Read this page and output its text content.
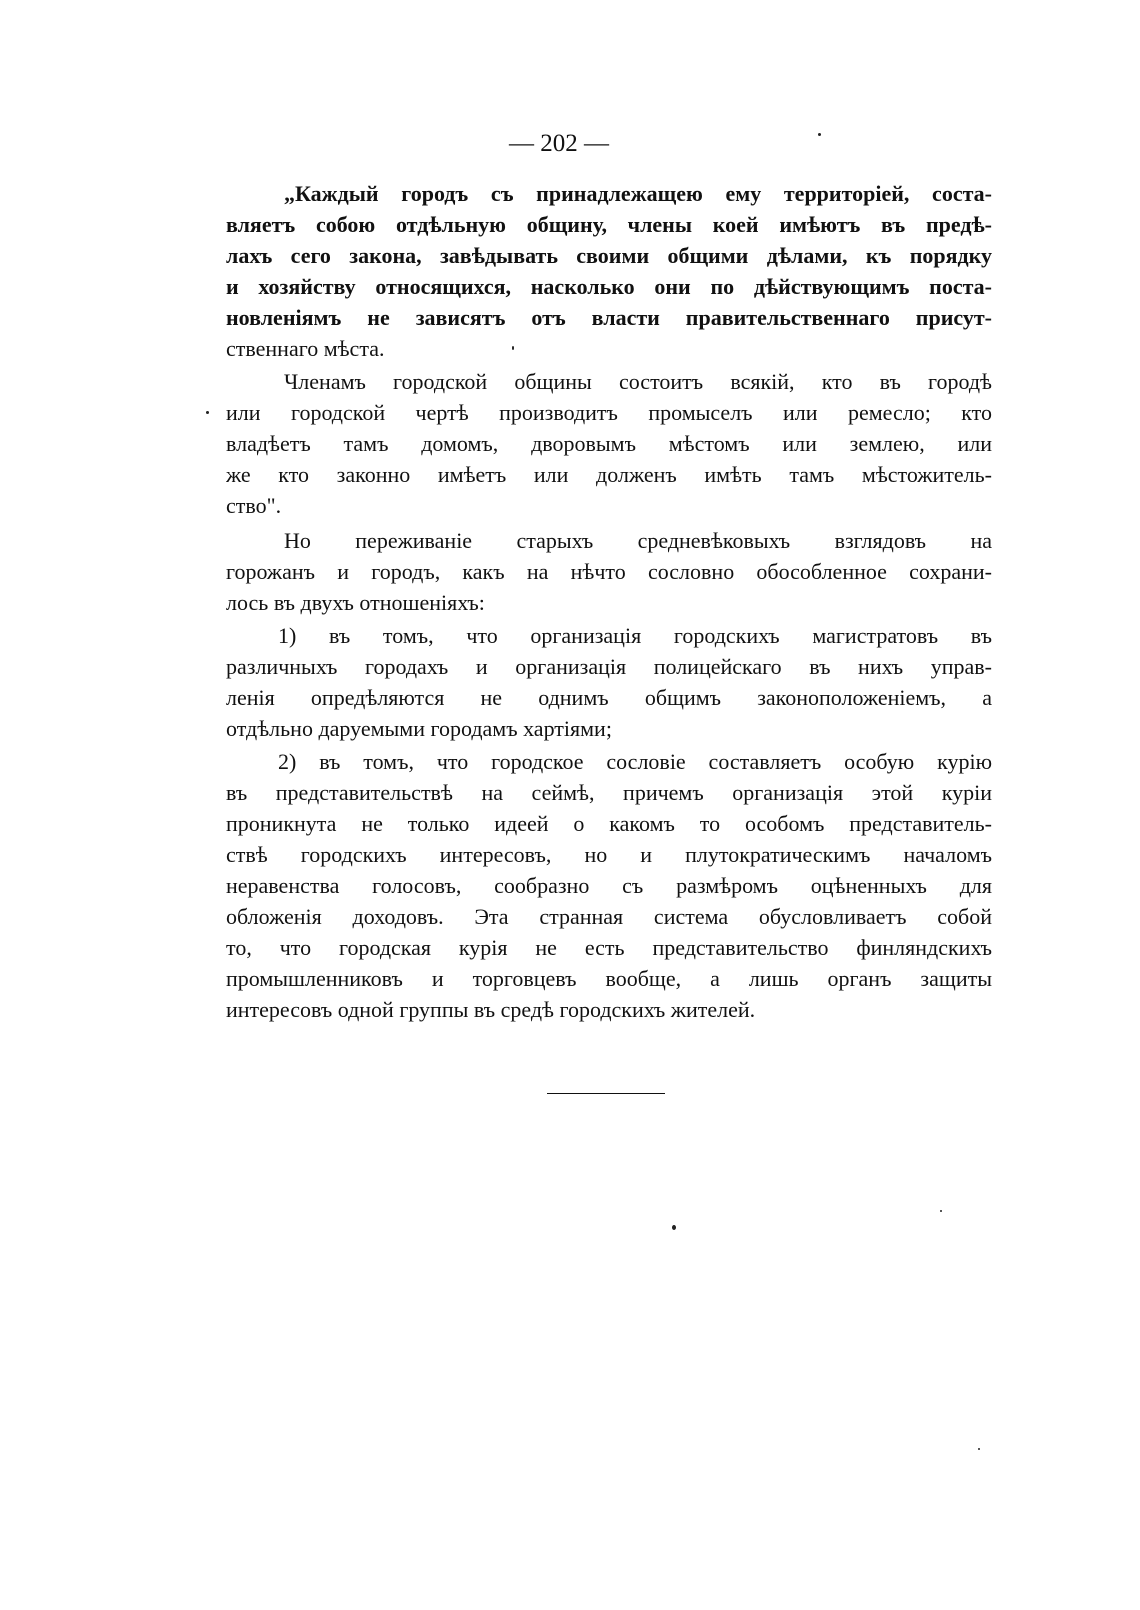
— 202 —
„Каждый городъ съ принадлежащею ему территоріей, соста-
вляетъ собою отдѣльную общину, члены коей имѣютъ въ предѣ-
лахъ сего закона, завѣдывать своими общими дѣлами, къ порядку
и хозяйству относящихся, насколько они по дѣйствующимъ поста-
новленіямъ не зависятъ отъ власти правительственнаго присут-
ственнаго мѣста.
Членамъ городской общины состоитъ всякій, кто въ городѣ
или городской чертѣ производитъ промыселъ или ремесло; кто
владѣетъ тамъ домомъ, дворовымъ мѣстомъ или землею, или
же кто законно имѣетъ или долженъ имѣть тамъ мѣстожитель-
ство".
Но переживаніе старыхъ средневѣковыхъ взглядовъ на
горожанъ и городъ, какъ на нѣчто сословно обособленное сохрани-
лось въ двухъ отношеніяхъ:
1) въ томъ, что организація городскихъ магистратовъ въ
различныхъ городахъ и организація полицейскаго въ нихъ управ-
ленія опредѣляются не однимъ общимъ законоположеніемъ, а
отдѣльно даруемыми городамъ хартіями;
2) въ томъ, что городское сословіе составляетъ особую курію
въ представительствѣ на сеймѣ, причемъ организація этой куріи
проникнута не только идеей о какомъ то особомъ представитель-
ствѣ городскихъ интересовъ, но и плутократическимъ началомъ
неравенства голосовъ, сообразно съ размѣромъ оцѣненныхъ для
обложенія доходовъ. Эта странная система обусловливаетъ собой
то, что городская курія не есть представительство финляндскихъ
промышленниковъ и торговцевъ вообще, а лишь органъ защиты
интересовъ одной группы въ средѣ городскихъ жителей.
